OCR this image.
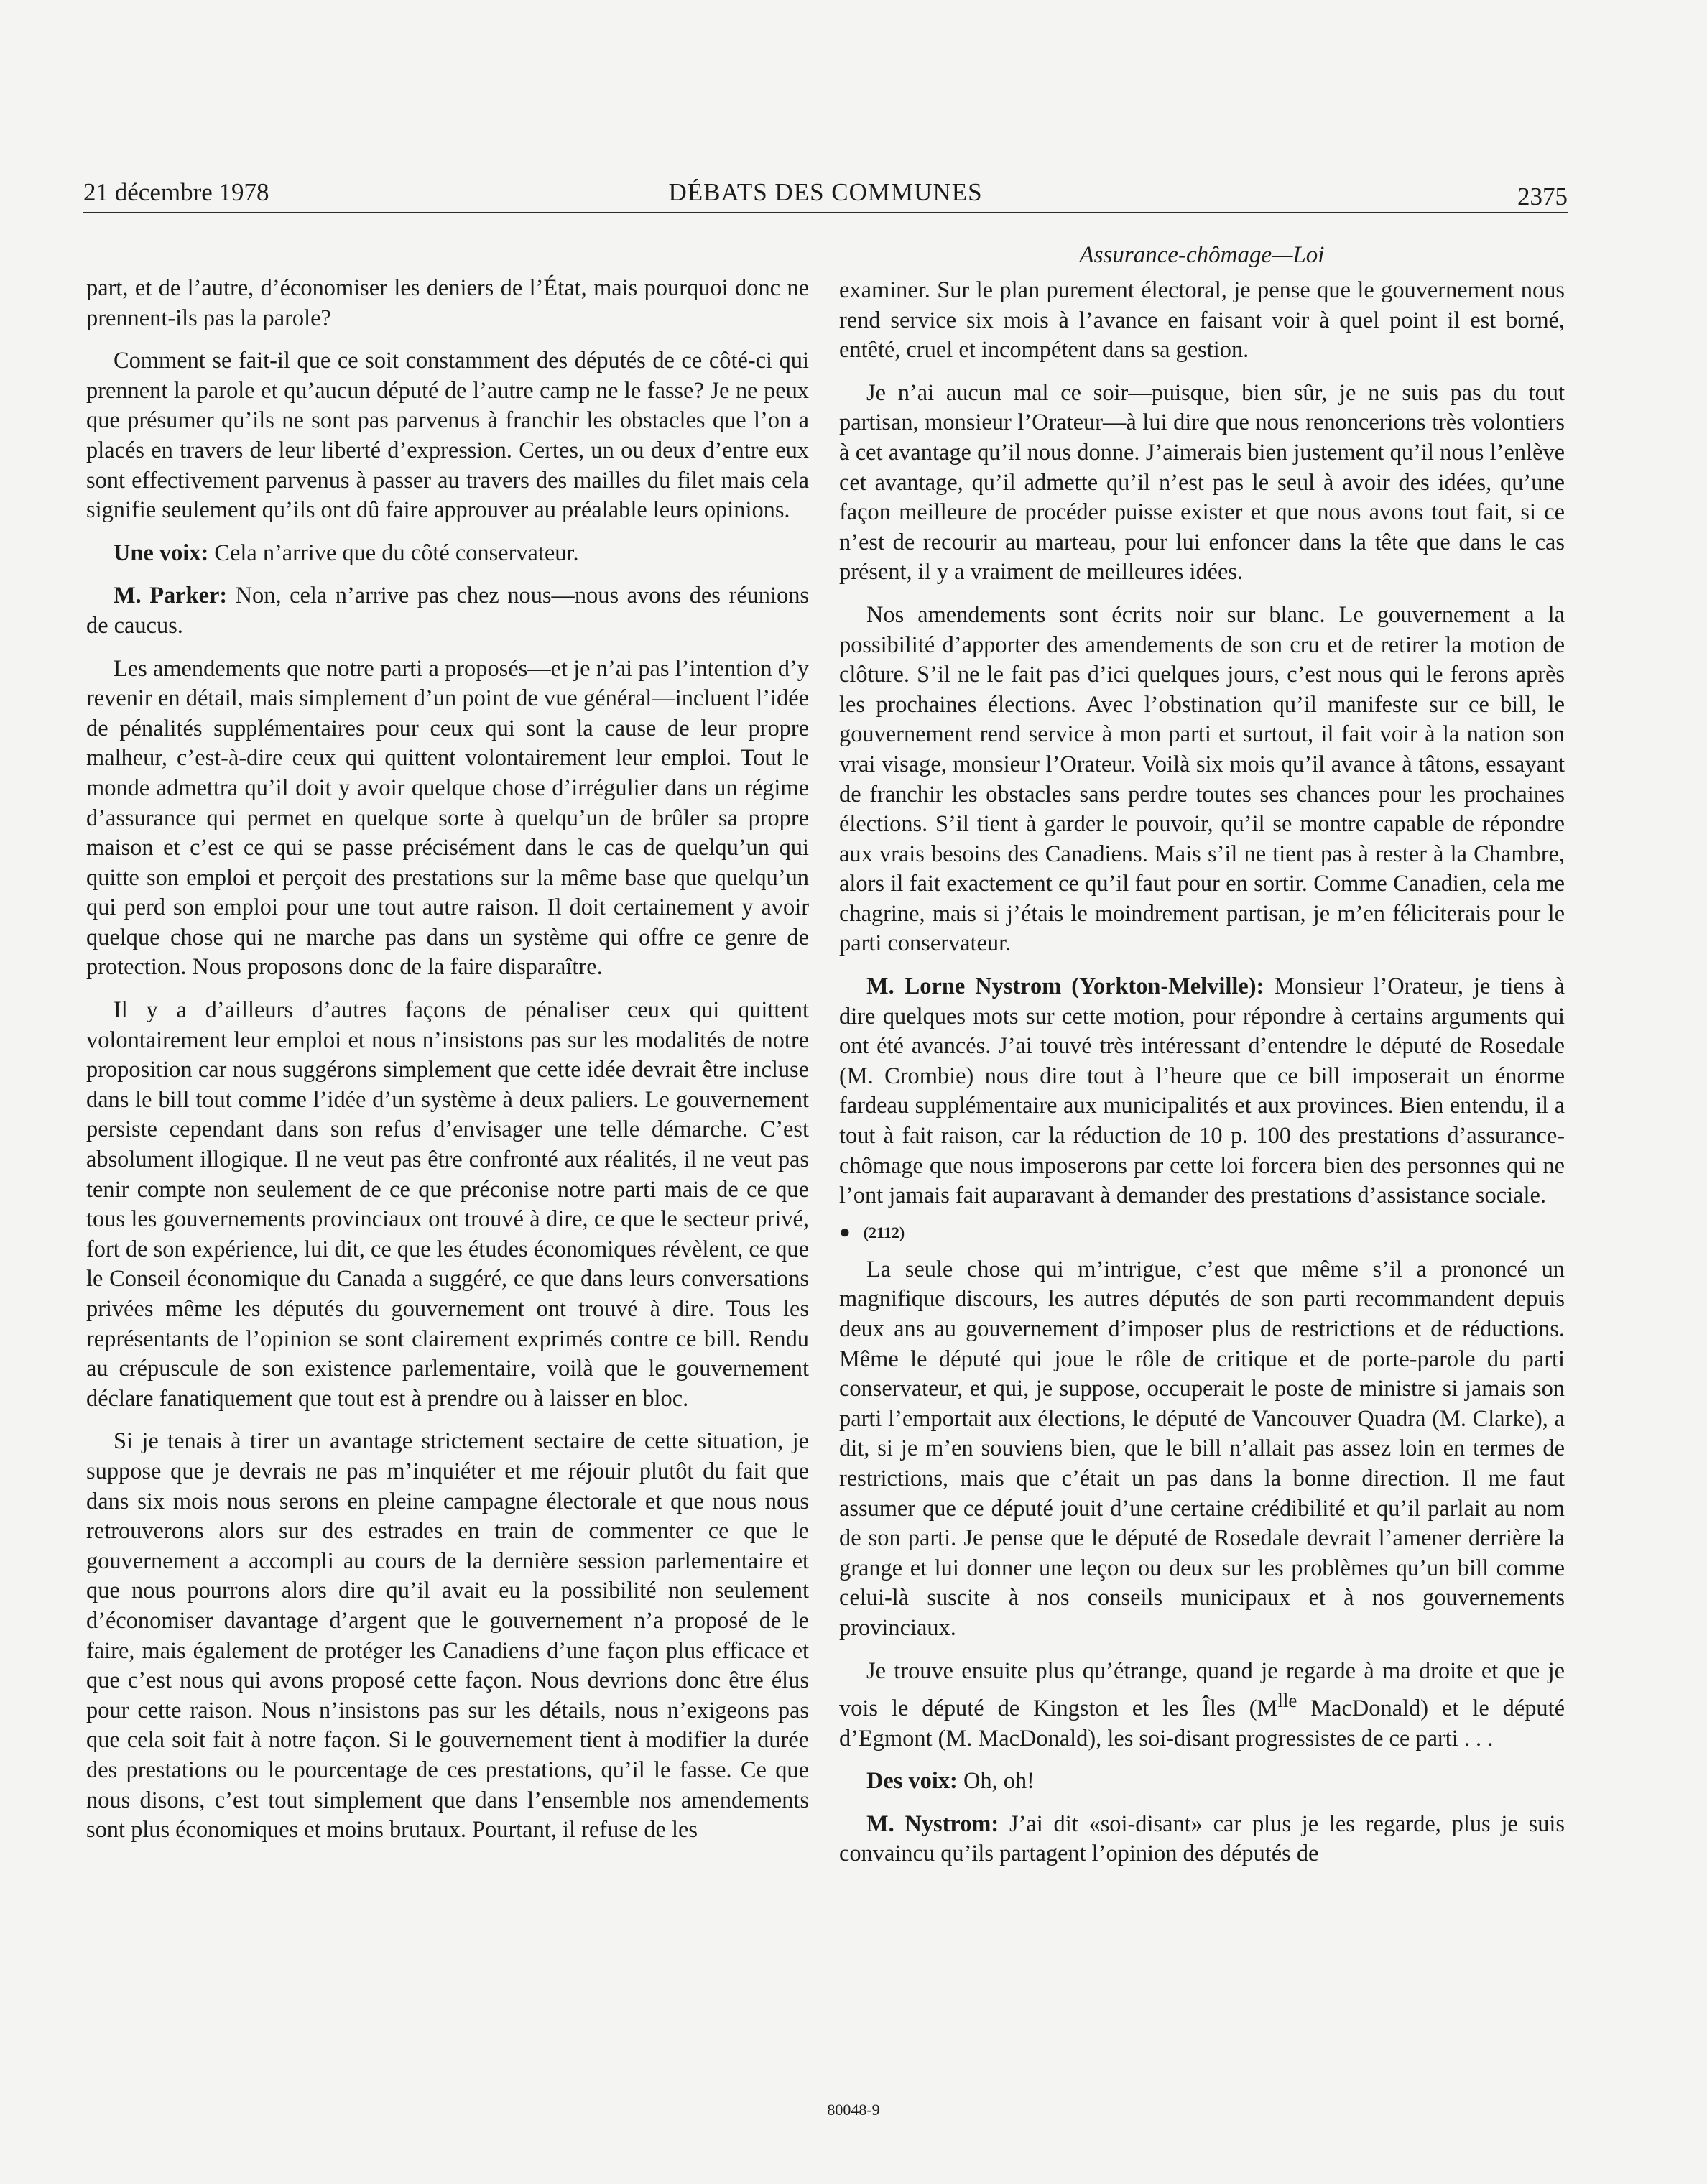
21 décembre 1978	DÉBATS DES COMMUNES	2375
Assurance-chômage—Loi

part, et de l’autre, d’économiser les deniers de l’État, mais pourquoi donc ne prennent-ils pas la parole?

Comment se fait-il que ce soit constamment des députés de ce côté-ci qui prennent la parole et qu’aucun député de l’autre camp ne le fasse? Je ne peux que présumer qu’ils ne sont pas parvenus à franchir les obstacles que l’on a placés en travers de leur liberté d’expression. Certes, un ou deux d’entre eux sont effectivement parvenus à passer au travers des mailles du filet mais cela signifie seulement qu’ils ont dû faire approuver au préalable leurs opinions.

Une voix: Cela n’arrive que du côté conservateur.

M. Parker: Non, cela n’arrive pas chez nous—nous avons des réunions de caucus.

Les amendements que notre parti a proposés—et je n’ai pas l’intention d’y revenir en détail, mais simplement d’un point de vue général—incluent l’idée de pénalités supplémentaires pour ceux qui sont la cause de leur propre malheur, c’est-à-dire ceux qui quittent volontairement leur emploi. Tout le monde admettra qu’il doit y avoir quelque chose d’irrégulier dans un régime d’assurance qui permet en quelque sorte à quelqu’un de brûler sa propre maison et c’est ce qui se passe précisément dans le cas de quelqu’un qui quitte son emploi et perçoit des prestations sur la même base que quelqu’un qui perd son emploi pour une tout autre raison. Il doit certainement y avoir quelque chose qui ne marche pas dans un système qui offre ce genre de protection. Nous proposons donc de la faire disparaître.

Il y a d’ailleurs d’autres façons de pénaliser ceux qui quittent volontairement leur emploi et nous n’insistons pas sur les modalités de notre proposition car nous suggérons simplement que cette idée devrait être incluse dans le bill tout comme l’idée d’un système à deux paliers. Le gouvernement persiste cependant dans son refus d’envisager une telle démarche. C’est absolument illogique. Il ne veut pas être confronté aux réalités, il ne veut pas tenir compte non seulement de ce que préconise notre parti mais de ce que tous les gouvernements provinciaux ont trouvé à dire, ce que le secteur privé, fort de son expérience, lui dit, ce que les études économiques révèlent, ce que le Conseil économique du Canada a suggéré, ce que dans leurs conversations privées même les députés du gouvernement ont trouvé à dire. Tous les représentants de l’opinion se sont clairement exprimés contre ce bill. Rendu au crépuscule de son existence parlementaire, voilà que le gouvernement déclare fanatiquement que tout est à prendre ou à laisser en bloc.

Si je tenais à tirer un avantage strictement sectaire de cette situation, je suppose que je devrais ne pas m’inquiéter et me réjouir plutôt du fait que dans six mois nous serons en pleine campagne électorale et que nous nous retrouverons alors sur des estrades en train de commenter ce que le gouvernement a accompli au cours de la dernière session parlementaire et que nous pourrons alors dire qu’il avait eu la possibilité non seulement d’économiser davantage d’argent que le gouvernement n’a proposé de le faire, mais également de protéger les Canadiens d’une façon plus efficace et que c’est nous qui avons proposé cette façon. Nous devrions donc être élus pour cette raison. Nous n’insistons pas sur les détails, nous n’exigeons pas que cela soit fait à notre façon. Si le gouvernement tient à modifier la durée des prestations ou le pourcentage de ces prestations, qu’il le fasse. Ce que nous disons, c’est tout simplement que dans l’ensemble nos amendements sont plus économiques et moins brutaux. Pourtant, il refuse de les

examiner. Sur le plan purement électoral, je pense que le gouvernement nous rend service six mois à l’avance en faisant voir à quel point il est borné, entêté, cruel et incompétent dans sa gestion.

Je n’ai aucun mal ce soir—puisque, bien sûr, je ne suis pas du tout partisan, monsieur l’Orateur—à lui dire que nous renoncerions très volontiers à cet avantage qu’il nous donne. J’aimerais bien justement qu’il nous l’enlève cet avantage, qu’il admette qu’il n’est pas le seul à avoir des idées, qu’une façon meilleure de procéder puisse exister et que nous avons tout fait, si ce n’est de recourir au marteau, pour lui enfoncer dans la tête que dans le cas présent, il y a vraiment de meilleures idées.

Nos amendements sont écrits noir sur blanc. Le gouvernement a la possibilité d’apporter des amendements de son cru et de retirer la motion de clôture. S’il ne le fait pas d’ici quelques jours, c’est nous qui le ferons après les prochaines élections. Avec l’obstination qu’il manifeste sur ce bill, le gouvernement rend service à mon parti et surtout, il fait voir à la nation son vrai visage, monsieur l’Orateur. Voilà six mois qu’il avance à tâtons, essayant de franchir les obstacles sans perdre toutes ses chances pour les prochaines élections. S’il tient à garder le pouvoir, qu’il se montre capable de répondre aux vrais besoins des Canadiens. Mais s’il ne tient pas à rester à la Chambre, alors il fait exactement ce qu’il faut pour en sortir. Comme Canadien, cela me chagrine, mais si j’étais le moindrement partisan, je m’en féliciterais pour le parti conservateur.

M. Lorne Nystrom (Yorkton-Melville): Monsieur l’Orateur, je tiens à dire quelques mots sur cette motion, pour répondre à certains arguments qui ont été avancés. J’ai touvé très intéressant d’entendre le député de Rosedale (M. Crombie) nous dire tout à l’heure que ce bill imposerait un énorme fardeau supplémentaire aux municipalités et aux provinces. Bien entendu, il a tout à fait raison, car la réduction de 10 p. 100 des prestations d’assurance-chômage que nous imposerons par cette loi forcera bien des personnes qui ne l’ont jamais fait auparavant à demander des prestations d’assistance sociale.

● (2112)

La seule chose qui m’intrigue, c’est que même s’il a prononcé un magnifique discours, les autres députés de son parti recommandent depuis deux ans au gouvernement d’imposer plus de restrictions et de réductions. Même le député qui joue le rôle de critique et de porte-parole du parti conservateur, et qui, je suppose, occuperait le poste de ministre si jamais son parti l’emportait aux élections, le député de Vancouver Quadra (M. Clarke), a dit, si je m’en souviens bien, que le bill n’allait pas assez loin en termes de restrictions, mais que c’était un pas dans la bonne direction. Il me faut assumer que ce député jouit d’une certaine crédibilité et qu’il parlait au nom de son parti. Je pense que le député de Rosedale devrait l’amener derrière la grange et lui donner une leçon ou deux sur les problèmes qu’un bill comme celui-là suscite à nos conseils municipaux et à nos gouvernements provinciaux.

Je trouve ensuite plus qu’étrange, quand je regarde à ma droite et que je vois le député de Kingston et les Îles ($M^{lle}$ MacDonald) et le député d’Egmont (M. MacDonald), les soi-disant progressistes de ce parti . . .

Des voix: Oh, oh!

M. Nystrom: J’ai dit «soi-disant» car plus je les regarde, plus je suis convaincu qu’ils partagent l’opinion des députés de

80048-9
